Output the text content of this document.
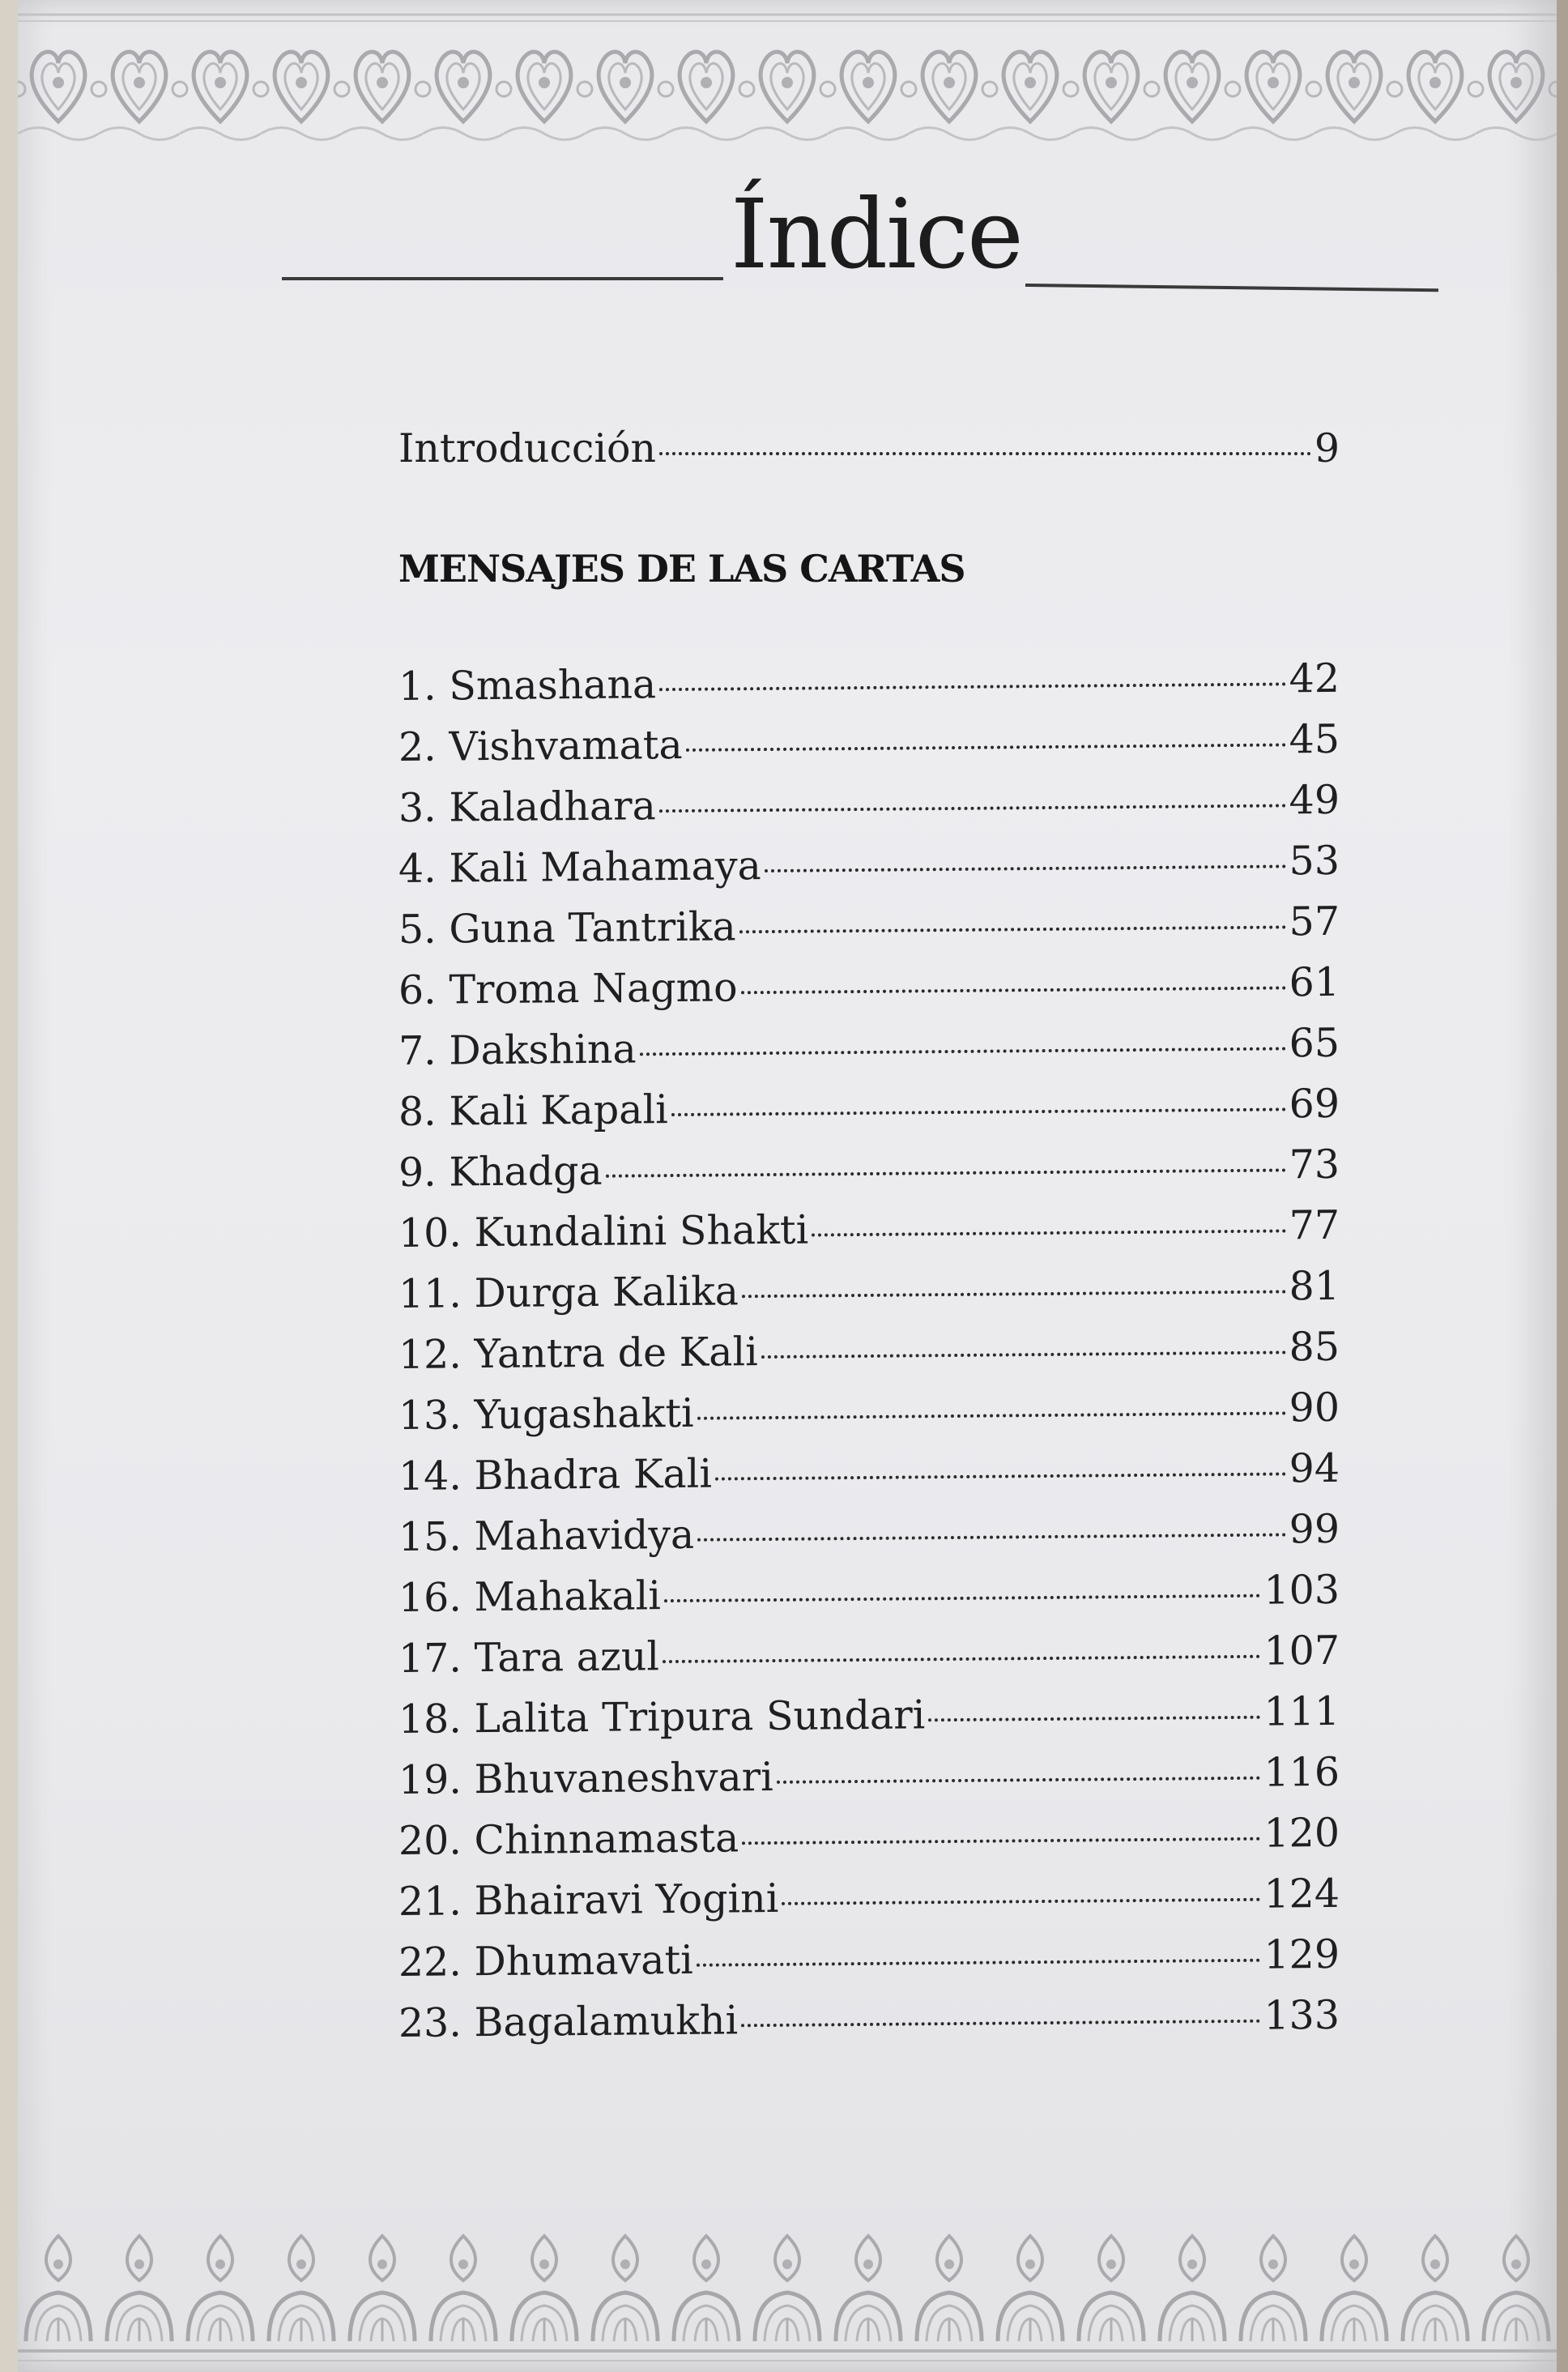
Índice
Introducción	9
MENSAJES DE LAS CARTAS
1. Smashana	42
2. Vishvamata	45
3. Kaladhara	49
4. Kali Mahamaya	53
5. Guna Tantrika	57
6. Troma Nagmo	61
7. Dakshina	65
8. Kali Kapali	69
9. Khadga	73
10. Kundalini Shakti	77
11. Durga Kalika	81
12. Yantra de Kali	85
13. Yugashakti	90
14. Bhadra Kali	94
15. Mahavidya	99
16. Mahakali	103
17. Tara azul	107
18. Lalita Tripura Sundari	111
19. Bhuvaneshvari	116
20. Chinnamasta	120
21. Bhairavi Yogini	124
22. Dhumavati	129
23. Bagalamukhi	133
